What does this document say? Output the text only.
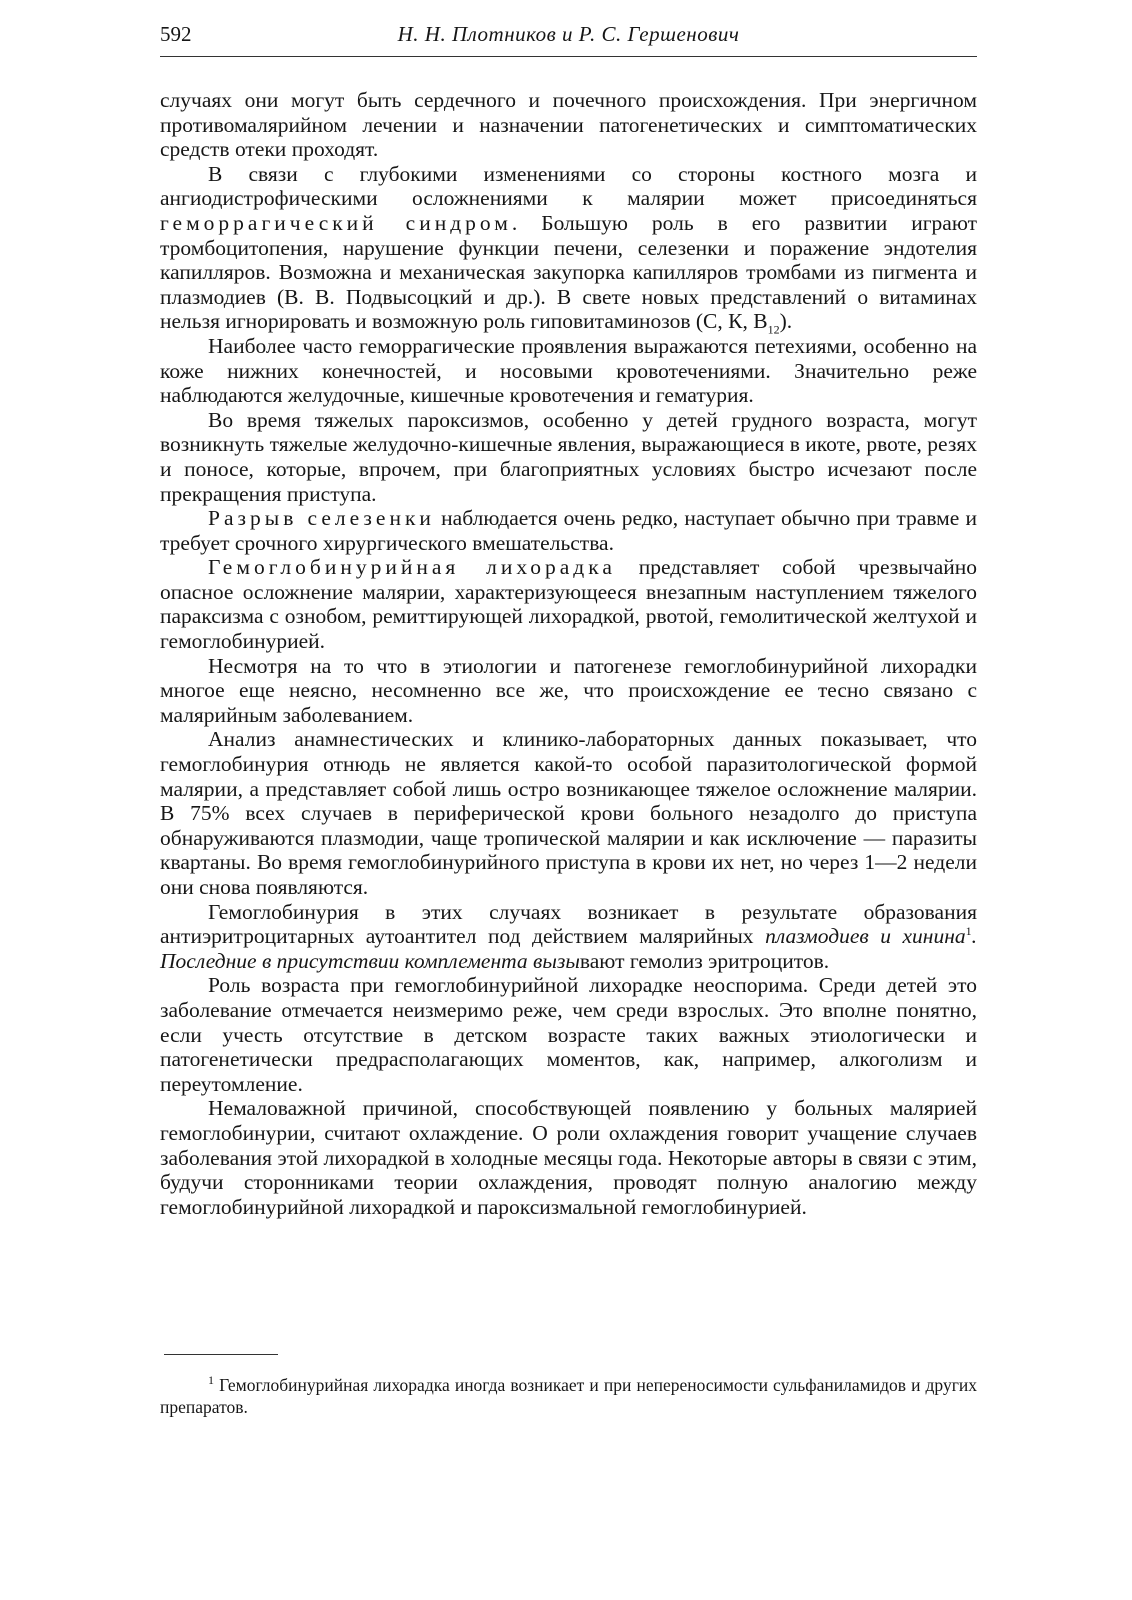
592	Н. Н. Плотников и Р. С. Гершенович

случаях они могут быть сердечного и почечного происхождения. При энергичном противомалярийном лечении и назначении патогенетических и симптоматических средств отеки проходят.

В связи с глубокими изменениями со стороны костного мозга и ангиодистрофическими осложнениями к малярии может присоединяться геморрагический синдром. Большую роль в его развитии играют тромбоцитопения, нарушение функции печени, селезенки и поражение эндотелия капилляров. Возможна и механическая закупорка капилляров тромбами из пигмента и плазмодиев (В. В. Подвысоцкий и др.). В свете новых представлений о витаминах нельзя игнорировать и возможную роль гиповитаминозов (С, К, $В_{12}$).

Наиболее часто геморрагические проявления выражаются петехиями, особенно на коже нижних конечностей, и носовыми кровотечениями. Значительно реже наблюдаются желудочные, кишечные кровотечения и гематурия.

Во время тяжелых пароксизмов, особенно у детей грудного возраста, могут возникнуть тяжелые желудочно-кишечные явления, выражающиеся в икоте, рвоте, резях и поносе, которые, впрочем, при благоприятных условиях быстро исчезают после прекращения приступа.

Разрыв селезенки наблюдается очень редко, наступает обычно при травме и требует срочного хирургического вмешательства.

Гемоглобинурийная лихорадка представляет собой чрезвычайно опасное осложнение малярии, характеризующееся внезапным наступлением тяжелого параксизма с ознобом, ремиттирующей лихорадкой, рвотой, гемолитической желтухой и гемоглобинурией.

Несмотря на то что в этиологии и патогенезе гемоглобинурийной лихорадки многое еще неясно, несомненно все же, что происхождение ее тесно связано с малярийным заболеванием.

Анализ анамнестических и клинико-лабораторных данных показывает, что гемоглобинурия отнюдь не является какой-то особой паразитологической формой малярии, а представляет собой лишь остро возникающее тяжелое осложнение малярии. В 75% всех случаев в периферической крови больного незадолго до приступа обнаруживаются плазмодии, чаще тропической малярии и как исключение — паразиты квартаны. Во время гемоглобинурийного приступа в крови их нет, но через 1—2 недели они снова появляются.

Гемоглобинурия в этих случаях возникает в результате образования антиэритроцитарных аутоантител под действием малярийных плазмодиев и хинина$^1$. Последние в присутствии комплемента вызывают гемолиз эритроцитов.

Роль возраста при гемоглобинурийной лихорадке неоспорима. Среди детей это заболевание отмечается неизмеримо реже, чем среди взрослых. Это вполне понятно, если учесть отсутствие в детском возрасте таких важных этиологически и патогенетически предрасполагающих моментов, как, например, алкоголизм и переутомление.

Немаловажной причиной, способствующей появлению у больных малярией гемоглобинурии, считают охлаждение. О роли охлаждения говорит учащение случаев заболевания этой лихорадкой в холодные месяцы года. Некоторые авторы в связи с этим, будучи сторонниками теории охлаждения, проводят полную аналогию между гемоглобинурийной лихорадкой и пароксизмальной гемоглобинурией.

$^1$ Гемоглобинурийная лихорадка иногда возникает и при непереносимости сульфаниламидов и других препаратов.
